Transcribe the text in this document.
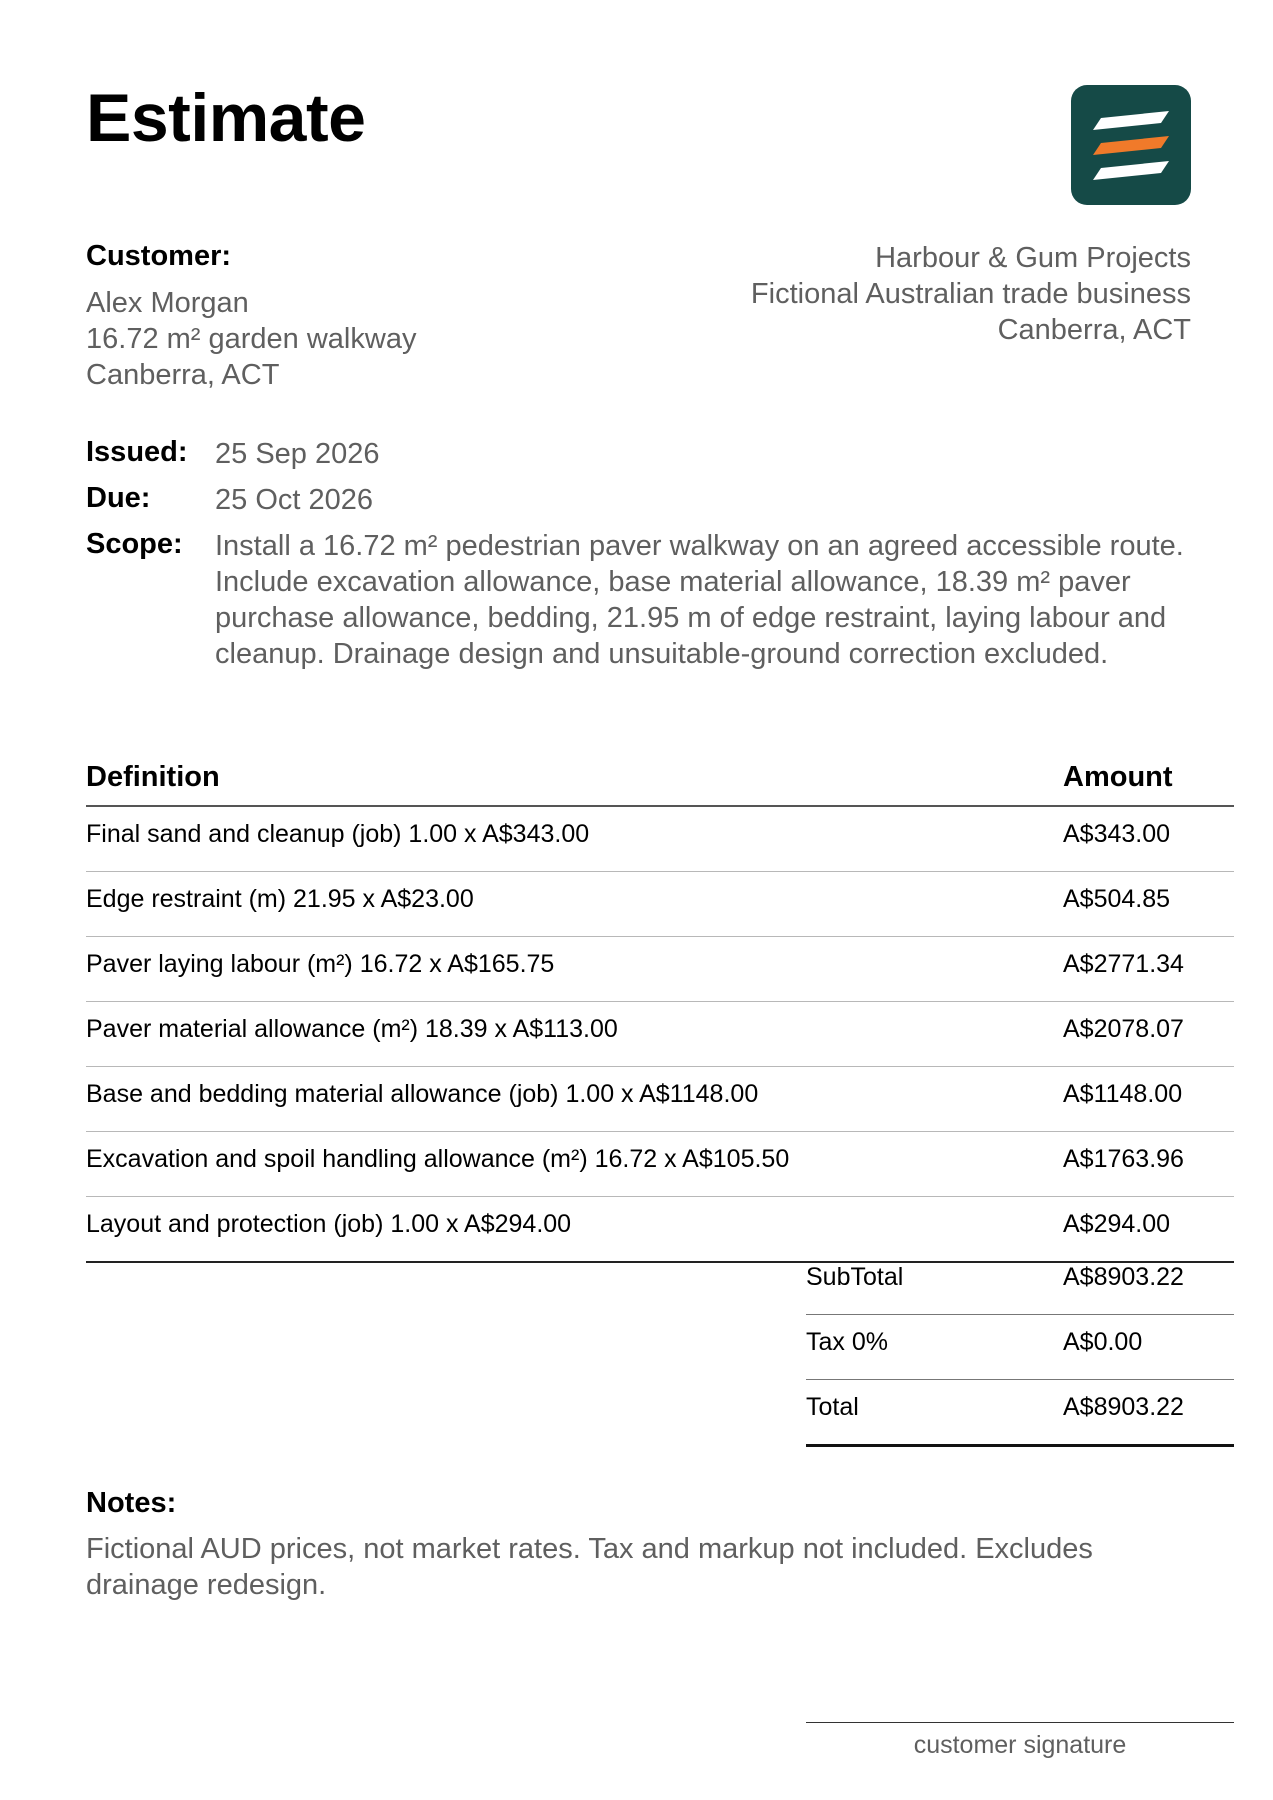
Estimate
Customer:
Alex Morgan
16.72 m² garden walkway
Canberra, ACT
Harbour & Gum Projects
Fictional Australian trade business
Canberra, ACT
Issued: 25 Sep 2026
Due: 25 Oct 2026
Scope: Install a 16.72 m² pedestrian paver walkway on an agreed accessible route. Include excavation allowance, base material allowance, 18.39 m² paver purchase allowance, bedding, 21.95 m of edge restraint, laying labour and cleanup. Drainage design and unsuitable-ground correction excluded.
Definition	Amount
Final sand and cleanup (job) 1.00 x A$343.00	A$343.00
Edge restraint (m) 21.95 x A$23.00	A$504.85
Paver laying labour (m²) 16.72 x A$165.75	A$2771.34
Paver material allowance (m²) 18.39 x A$113.00	A$2078.07
Base and bedding material allowance (job) 1.00 x A$1148.00	A$1148.00
Excavation and spoil handling allowance (m²) 16.72 x A$105.50	A$1763.96
Layout and protection (job) 1.00 x A$294.00	A$294.00
SubTotal	A$8903.22
Tax 0%	A$0.00
Total	A$8903.22
Notes:
Fictional AUD prices, not market rates. Tax and markup not included. Excludes drainage redesign.
customer signature
